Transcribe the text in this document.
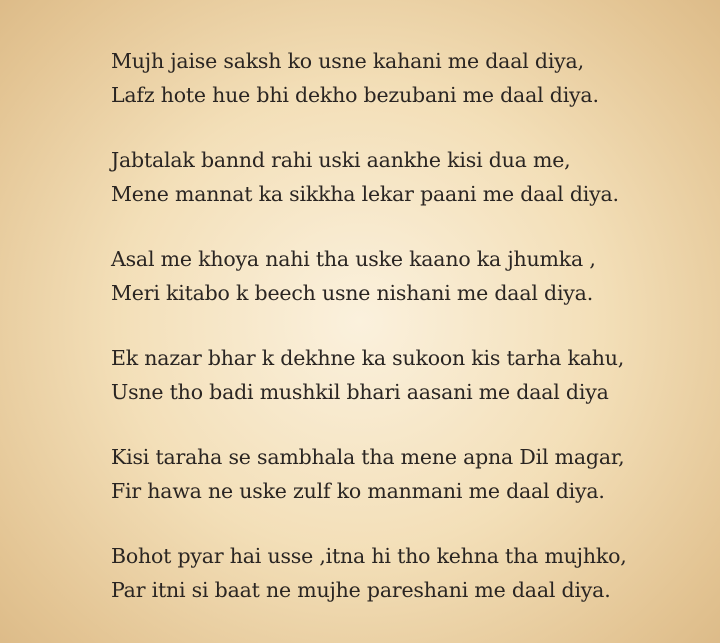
Mujh jaise saksh ko usne kahani me daal diya,
Lafz hote hue bhi dekho bezubani me daal diya.
Jabtalak bannd rahi uski aankhe kisi dua me,
Mene mannat ka sikkha lekar paani me daal diya.
Asal me khoya nahi tha uske kaano ka jhumka ,
Meri kitabo k beech usne nishani me daal diya.
Ek nazar bhar k dekhne ka sukoon kis tarha kahu,
Usne tho badi mushkil bhari aasani me daal diya
Kisi taraha se sambhala tha mene apna Dil magar,
Fir hawa ne uske zulf ko manmani me daal diya.
Bohot pyar hai usse ,itna hi tho kehna tha mujhko,
Par itni si baat ne mujhe pareshani me daal diya.
